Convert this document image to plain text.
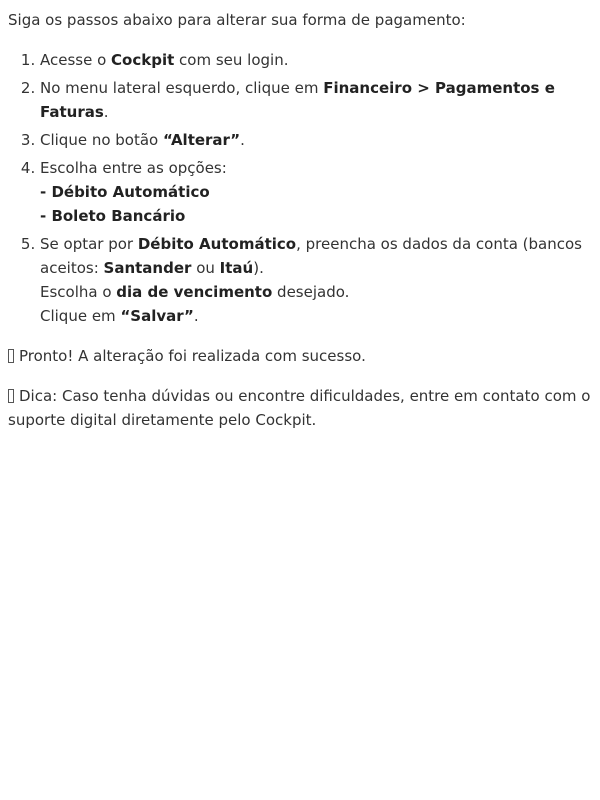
Siga os passos abaixo para alterar sua forma de pagamento:

1. Acesse o Cockpit com seu login.
2. No menu lateral esquerdo, clique em Financeiro > Pagamentos e Faturas.
3. Clique no botão “Alterar”.
4. Escolha entre as opções:
- Débito Automático
- Boleto Bancário
5. Se optar por Débito Automático, preencha os dados da conta (bancos aceitos: Santander ou Itaú).
Escolha o dia de vencimento desejado.
Clique em “Salvar”.

Pronto! A alteração foi realizada com sucesso.

Dica: Caso tenha dúvidas ou encontre dificuldades, entre em contato com o suporte digital diretamente pelo Cockpit.
